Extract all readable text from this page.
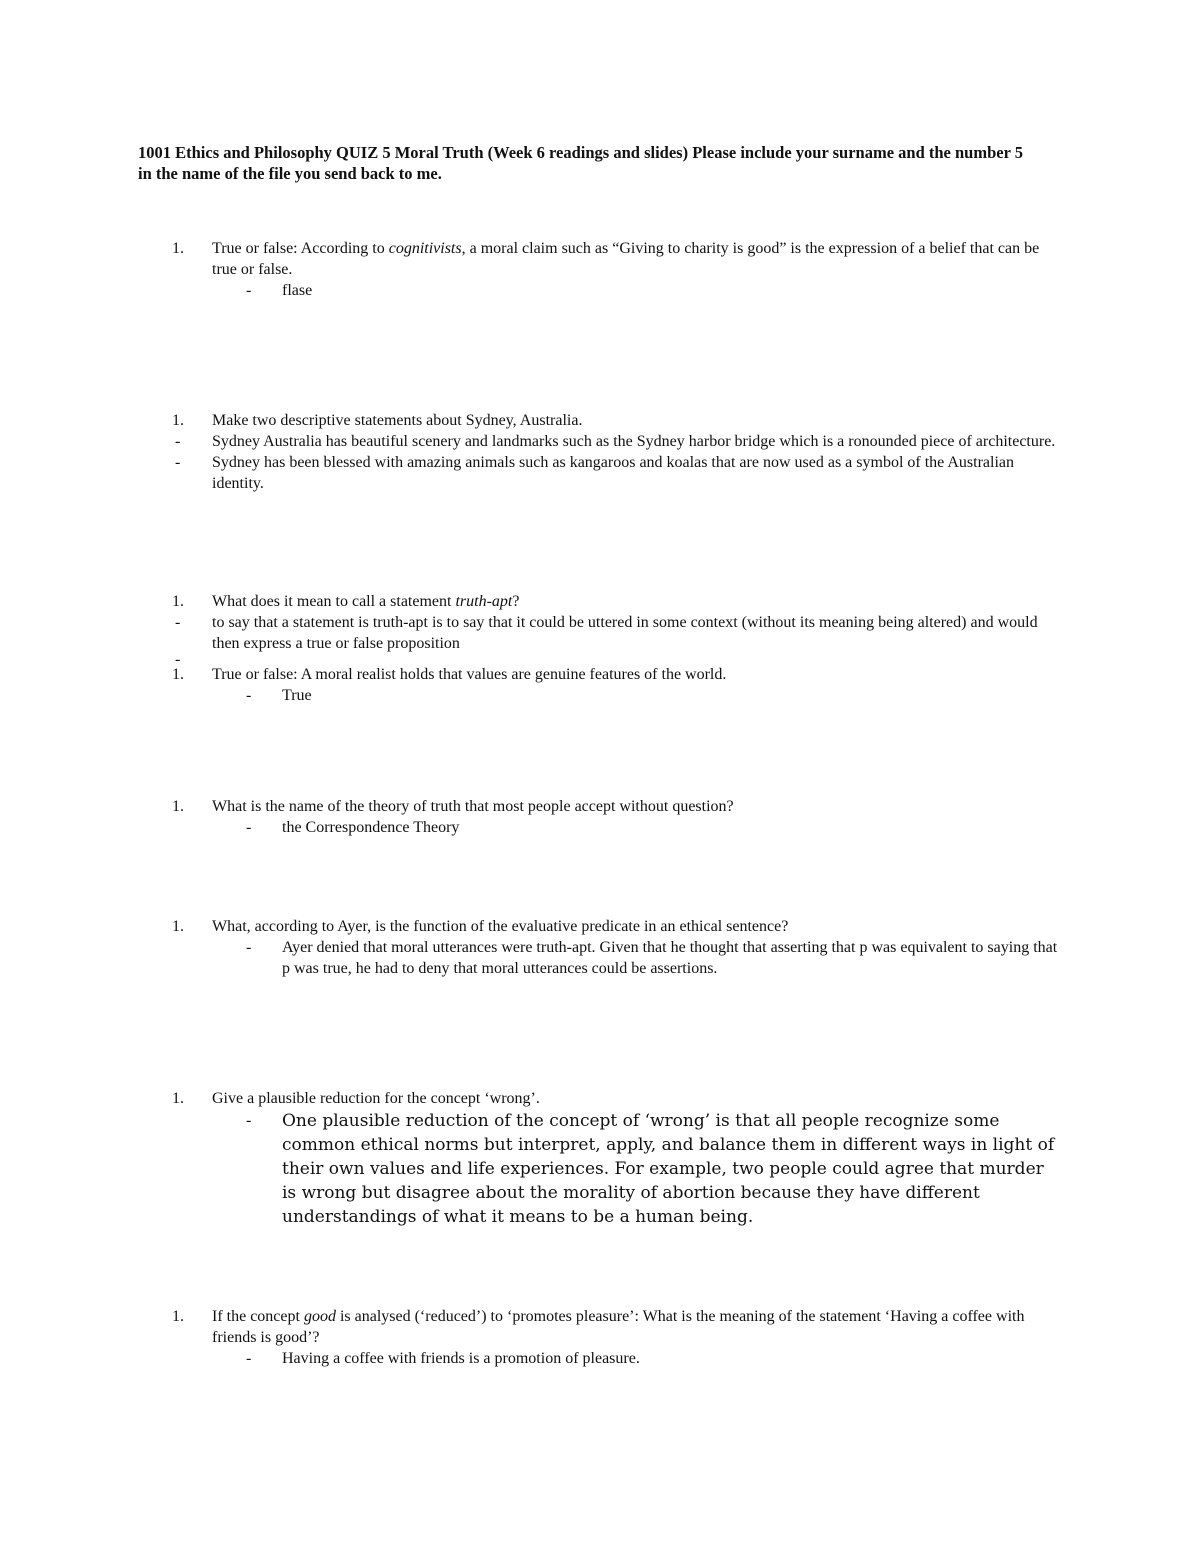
1001 Ethics and Philosophy QUIZ 5 Moral Truth (Week 6 readings and slides) Please include your surname and the number 5 in the name of the file you send back to me.
1. True or false: According to cognitivists, a moral claim such as “Giving to charity is good” is the expression of a belief that can be true or false.
- flase
1. Make two descriptive statements about Sydney, Australia.
- Sydney Australia has beautiful scenery and landmarks such as the Sydney harbor bridge which is a ronounded piece of architecture.
- Sydney has been blessed with amazing animals such as kangaroos and koalas that are now used as a symbol of the Australian identity.
1. What does it mean to call a statement truth-apt?
- to say that a statement is truth-apt is to say that it could be uttered in some context (without its meaning being altered) and would then express a true or false proposition
-
1. True or false: A moral realist holds that values are genuine features of the world.
- True
1. What is the name of the theory of truth that most people accept without question?
- the Correspondence Theory
1. What, according to Ayer, is the function of the evaluative predicate in an ethical sentence?
- Ayer denied that moral utterances were truth-apt. Given that he thought that asserting that p was equivalent to saying that p was true, he had to deny that moral utterances could be assertions.
1. Give a plausible reduction for the concept ‘wrong’.
- One plausible reduction of the concept of ‘wrong’ is that all people recognize some common ethical norms but interpret, apply, and balance them in different ways in light of their own values and life experiences. For example, two people could agree that murder is wrong but disagree about the morality of abortion because they have different understandings of what it means to be a human being.
1. If the concept good is analysed (‘reduced’) to ‘promotes pleasure’: What is the meaning of the statement ‘Having a coffee with friends is good’?
- Having a coffee with friends is a promotion of pleasure.
